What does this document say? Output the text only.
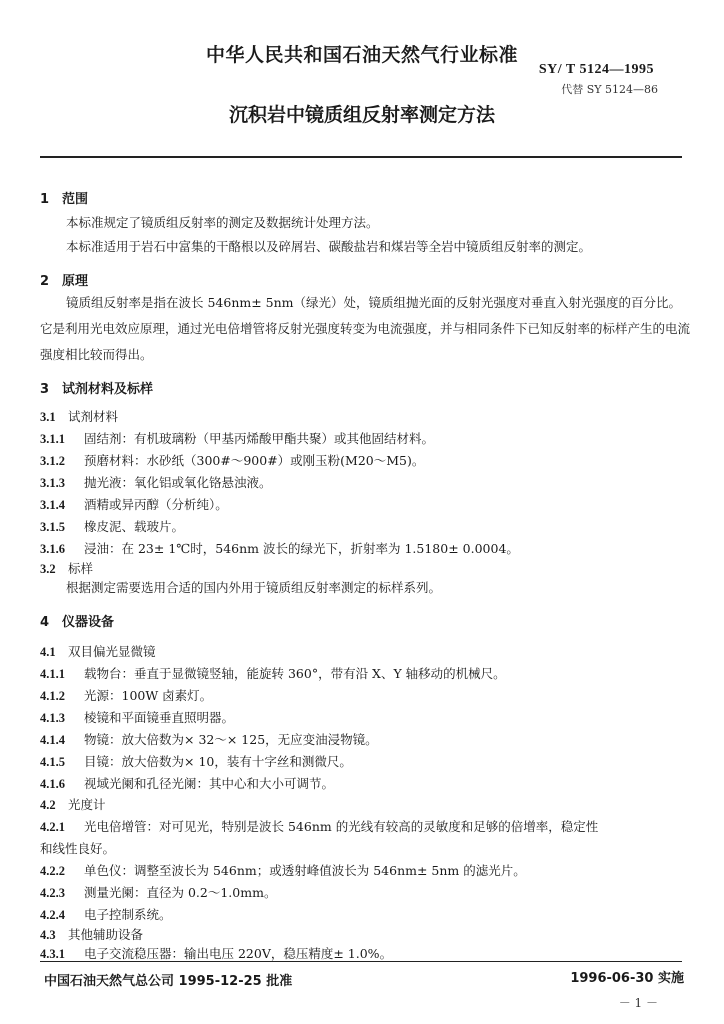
中华人民共和国石油天然气行业标准
SY/ T 5124—1995
代替 SY 5124—86
沉积岩中镜质组反射率测定方法
1 范围
本标准规定了镜质组反射率的测定及数据统计处理方法。
本标准适用于岩石中富集的干酪根以及碎屑岩、碳酸盐岩和煤岩等全岩中镜质组反射率的测定。
2 原理
镜质组反射率是指在波长 546nm± 5nm（绿光）处，镜质组抛光面的反射光强度对垂直入射光强度的百分比。它是利用光电效应原理，通过光电倍增管将反射光强度转变为电流强度，并与相同条件下已知反射率的标样产生的电流强度相比较而得出。
3 试剂材料及标样
3.1 试剂材料
3.1.1 固结剂：有机玻璃粉（甲基丙烯酸甲酯共聚）或其他固结材料。
3.1.2 预磨材料：水砂纸（300#～900#）或刚玉粉(M20～M5)。
3.1.3 抛光液：氧化铝或氧化铬悬浊液。
3.1.4 酒精或异丙醇（分析纯）。
3.1.5 橡皮泥、载玻片。
3.1.6 浸油：在 23± 1℃时，546nm 波长的绿光下，折射率为 1.5180± 0.0004。
3.2 标样
根据测定需要选用合适的国内外用于镜质组反射率测定的标样系列。
4 仪器设备
4.1 双目偏光显微镜
4.1.1 载物台：垂直于显微镜竖轴，能旋转 360°，带有沿 X、Y 轴移动的机械尺。
4.1.2 光源：100W 卤素灯。
4.1.3 棱镜和平面镜垂直照明器。
4.1.4 物镜：放大倍数为× 32～× 125，无应变油浸物镜。
4.1.5 目镜：放大倍数为× 10，装有十字丝和测微尺。
4.1.6 视域光阑和孔径光阑：其中心和大小可调节。
4.2 光度计
4.2.1 光电倍增管：对可见光，特别是波长 546nm 的光线有较高的灵敏度和足够的倍增率，稳定性
和线性良好。
4.2.2 单色仪：调整至波长为 546nm；或透射峰值波长为 546nm± 5nm 的滤光片。
4.2.3 测量光阑：直径为 0.2～1.0mm。
4.2.4 电子控制系统。
4.3 其他辅助设备
4.3.1 电子交流稳压器：输出电压 220V，稳压精度± 1.0%。
中国石油天然气总公司 1995-12-25 批准	1996-06-30 实施
－ 1 －
